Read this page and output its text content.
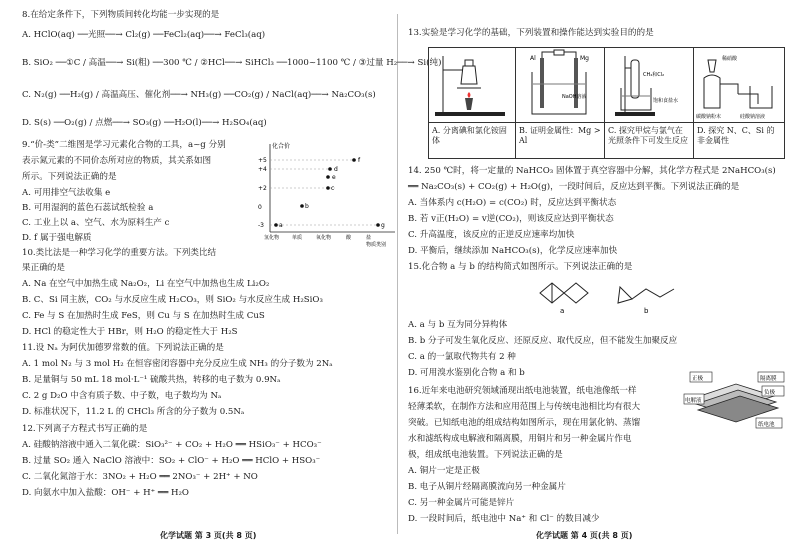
8.在给定条件下，下列物质间转化均能一步实现的是
A. HClO(aq) ──光照──→ Cl₂(g) ──FeCl₂(aq)──→ FeCl₃(aq)
B. SiO₂ ──①C / 高温──→ Si(粗) ──300 ℃ / ②HCl──→ SiHCl₃ ──1000~1100 ℃ / ③过量 H₂──→ Si(纯)
C. N₂(g) ──H₂(g) / 高温高压、催化剂──→ NH₃(g) ──CO₂(g) / NaCl(aq)──→ Na₂CO₃(s)
D. S(s) ──O₂(g) / 点燃──→ SO₃(g) ──H₂O(l)──→ H₂SO₄(aq)
9.“价-类”二维图是学习元素化合物的工具，a~g 分别
表示氮元素的不同价态所对应的物质，其关系如图
所示。下列说法正确的是
A. 可用排空气法收集 e
B. 可用湿润的蓝色石蕊试纸检验 a
C. 工业上以 a、空气、水为原料生产 c
D. f 属于强电解质
化合价
+5
+4
+2
0
-3
氢化物	单质	氧化物	酸	盐
物质类别
a
b
c
d
e
f
g
10.类比法是一种学习化学的重要方法。下列类比结
果正确的是
A. Na 在空气中加热生成 Na₂O₂，Li 在空气中加热也生成 Li₂O₂
B. C、Si 同主族，CO₂ 与水反应生成 H₂CO₃，则 SiO₂ 与水反应生成 H₂SiO₃
C. Fe 与 S 在加热时生成 FeS，则 Cu 与 S 在加热时生成 CuS
D. HCl 的稳定性大于 HBr，则 H₂O 的稳定性大于 H₂S
11.设 Nₐ 为阿伏加德罗常数的值。下列说法正确的是
A. 1 mol N₂ 与 3 mol H₂ 在恒容密闭容器中充分反应生成 NH₃ 的分子数为 2Nₐ
B. 足量铜与 50 mL 18 mol·L⁻¹ 硫酸共热，转移的电子数为 0.9Nₐ
C. 2 g D₂O 中含有质子数、中子数，电子数均为 Nₐ
D. 标准状况下，11.2 L 的 CHCl₃ 所含的分子数为 0.5Nₐ
12.下列离子方程式书写正确的是
A. 硅酸钠溶液中通入二氧化碳：SiO₃²⁻ + CO₂ + H₂O ══ HSiO₃⁻ + HCO₃⁻
B. 过量 SO₂ 通入 NaClO 溶液中：SO₂ + ClO⁻ + H₂O ══ HClO + HSO₃⁻
C. 二氧化氮溶于水：3NO₂ + H₂O ══ 2NO₃⁻ + 2H⁺ + NO
D. 向氨水中加入盐酸：OH⁻ + H⁺ ══ H₂O
化学试题 第 3 页(共 8 页)
13.实验是学习化学的基础，下列装置和操作能达到实验目的的是
Al	Mg
NaOH溶液
CH₄和Cl₂
饱和食盐水
稀硝酸
碳酸钠粉末	硅酸钠溶液
A. 分离碘和氯化铵固体
B. 证明金属性：Mg > Al
C. 探究甲烷与氯气在光照条件下可发生反应
D. 探究 N、C、Si 的非金属性
14. 250 ℃时，将一定量的 NaHCO₃ 固体置于真空容器中分解，其化学方程式是 2NaHCO₃(s)
══ Na₂CO₃(s) + CO₂(g) + H₂O(g)，一段时间后，反应达到平衡。下列说法正确的是
A. 当体系内 c(H₂O) = c(CO₂) 时，反应达到平衡状态
B. 若 v正(H₂O) = v逆(CO₂)，则该反应达到平衡状态
C. 升高温度，该反应的正逆反应速率均加快
D. 平衡后，继续添加 NaHCO₃(s)，化学反应速率加快
15.化合物 a 与 b 的结构简式如图所示。下列说法正确的是
a	b
A. a 与 b 互为同分异构体
B. b 分子可发生氧化反应、还原反应、取代反应，但不能发生加聚反应
C. a 的一氯取代物共有 2 种
D. 可用溴水鉴别化合物 a 和 b
16.近年来电池研究领域涌现出纸电池装置，纸电池像纸一样
轻薄柔软，在制作方法和应用范围上与传统电池相比均有很大
突破。已知纸电池的组成结构如图所示，现在用氯化钠、蒸馏
水和滤纸构成电解液和隔离膜，用铜片和另一种金属片作电
极，组成纸电池装置。下列说法正确的是
A. 铜片一定是正极
B. 电子从铜片经隔离膜流向另一种金属片
C. 另一种金属片可能是锌片
D. 一段时间后，纸电池中 Na⁺ 和 Cl⁻ 的数目减少
正极	隔离膜
负极
电解液
纸电池
化学试题 第 4 页(共 8 页)
